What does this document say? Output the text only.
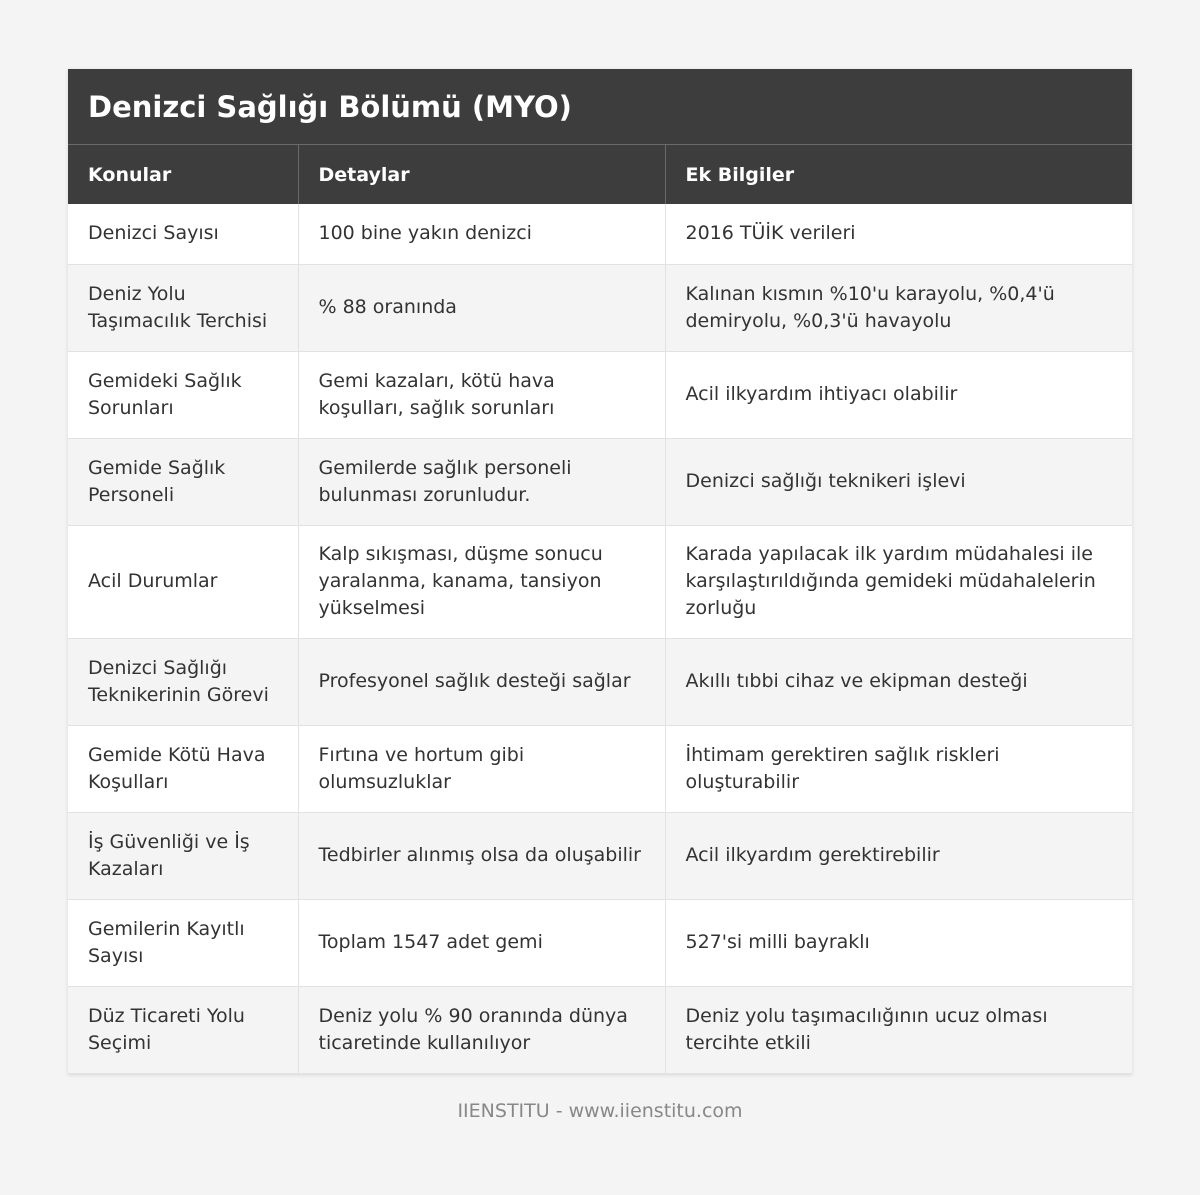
Denizci Sağlığı Bölümü (MYO)
Konular	Detaylar	Ek Bilgiler
Denizci Sayısı	100 bine yakın denizci	2016 TÜİK verileri
Deniz Yolu Taşımacılık Terchisi	% 88 oranında	Kalınan kısmın %10'u karayolu, %0,4'ü demiryolu, %0,3'ü havayolu
Gemideki Sağlık Sorunları	Gemi kazaları, kötü hava koşulları, sağlık sorunları	Acil ilkyardım ihtiyacı olabilir
Gemide Sağlık Personeli	Gemilerde sağlık personeli bulunması zorunludur.	Denizci sağlığı teknikeri işlevi
Acil Durumlar	Kalp sıkışması, düşme sonucu yaralanma, kanama, tansiyon yükselmesi	Karada yapılacak ilk yardım müdahalesi ile karşılaştırıldığında gemideki müdahalelerin zorluğu
Denizci Sağlığı Teknikerinin Görevi	Profesyonel sağlık desteği sağlar	Akıllı tıbbi cihaz ve ekipman desteği
Gemide Kötü Hava Koşulları	Fırtına ve hortum gibi olumsuzluklar	İhtimam gerektiren sağlık riskleri oluşturabilir
İş Güvenliği ve İş Kazaları	Tedbirler alınmış olsa da oluşabilir	Acil ilkyardım gerektirebilir
Gemilerin Kayıtlı Sayısı	Toplam 1547 adet gemi	527'si milli bayraklı
Düz Ticareti Yolu Seçimi	Deniz yolu % 90 oranında dünya ticaretinde kullanılıyor	Deniz yolu taşımacılığının ucuz olması tercihte etkili
IIENSTITU - www.iienstitu.com
